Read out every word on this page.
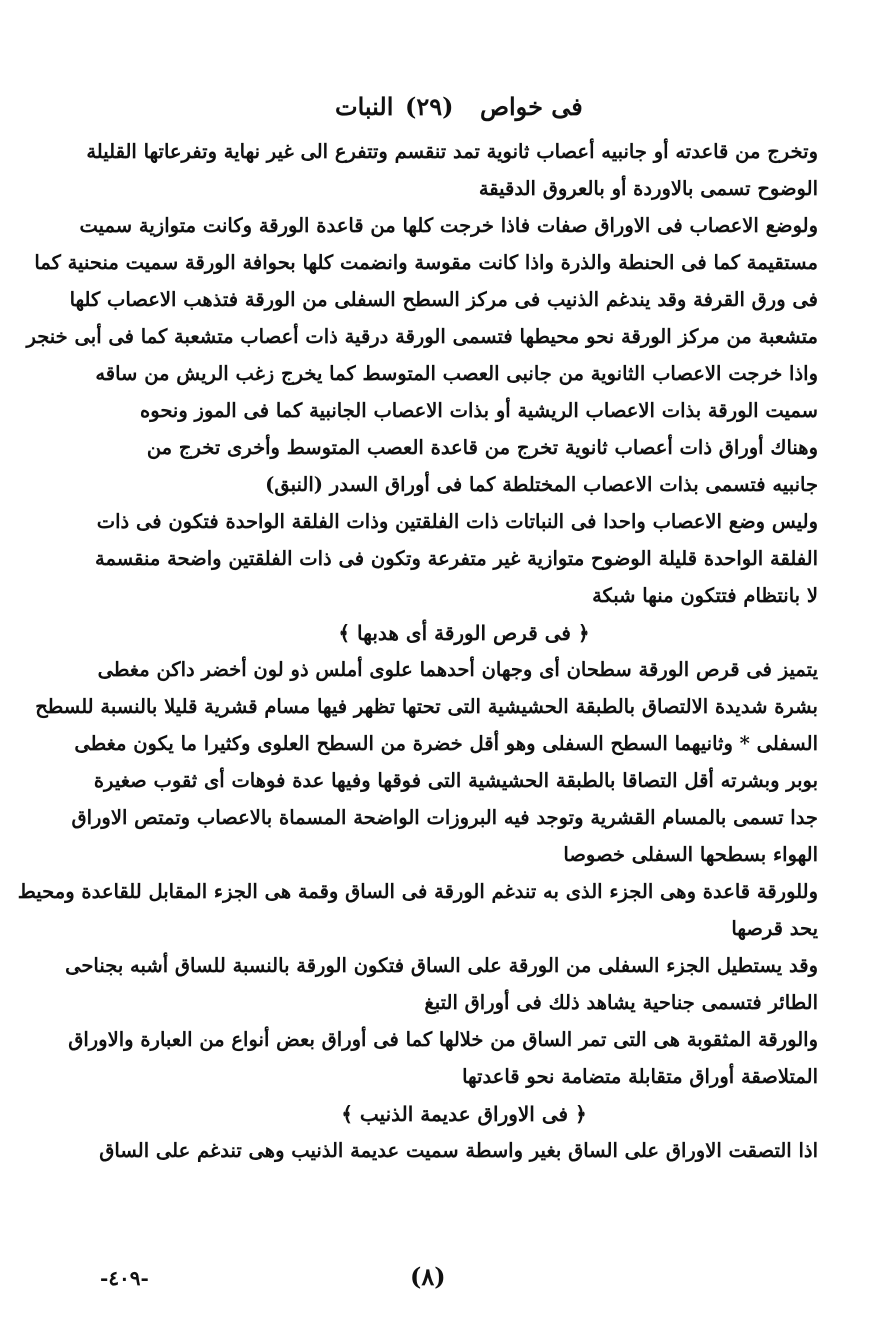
النبات (٢٩) فى خواص
وتخرج من قاعدته أو جانبيه أعصاب ثانوية تمد تنقسم وتتفرع الى غير نهاية وتفرعاتها القليلة
الوضوح تسمى بالاوردة أو بالعروق الدقيقة
ولوضع الاعصاب فى الاوراق صفات فاذا خرجت كلها من قاعدة الورقة وكانت متوازية سميت
مستقيمة كما فى الحنطة والذرة واذا كانت مقوسة وانضمت كلها بحوافة الورقة سميت منحنية كما
فى ورق القرفة وقد يندغم الذنيب فى مركز السطح السفلى من الورقة فتذهب الاعصاب كلها
متشعبة من مركز الورقة نحو محيطها فتسمى الورقة درقية ذات أعصاب متشعبة كما فى أبى خنجر
واذا خرجت الاعصاب الثانوية من جانبى العصب المتوسط كما يخرج زغب الريش من ساقه
سميت الورقة بذات الاعصاب الريشية أو بذات الاعصاب الجانبية كما فى الموز ونحوه
وهناك أوراق ذات أعصاب ثانوية تخرج من قاعدة العصب المتوسط وأخرى تخرج من
جانبيه فتسمى بذات الاعصاب المختلطة كما فى أوراق السدر (النبق)
وليس وضع الاعصاب واحدا فى النباتات ذات الفلقتين وذات الفلقة الواحدة فتكون فى ذات
الفلقة الواحدة قليلة الوضوح متوازية غير متفرعة وتكون فى ذات الفلقتين واضحة منقسمة
لا بانتظام فتتكون منها شبكة
﴿ فى قرص الورقة أى هدبها ﴾
يتميز فى قرص الورقة سطحان أى وجهان أحدهما علوى أملس ذو لون أخضر داكن مغطى
بشرة شديدة الالتصاق بالطبقة الحشيشية التى تحتها تظهر فيها مسام قشرية قليلا بالنسبة للسطح
السفلى * وثانيهما السطح السفلى وهو أقل خضرة من السطح العلوى وكثيرا ما يكون مغطى
بوبر وبشرته أقل التصاقا بالطبقة الحشيشية التى فوقها وفيها عدة فوهات أى ثقوب صغيرة
جدا تسمى بالمسام القشرية وتوجد فيه البروزات الواضحة المسماة بالاعصاب وتمتص الاوراق
الهواء بسطحها السفلى خصوصا
وللورقة قاعدة وهى الجزء الذى به تندغم الورقة فى الساق وقمة هى الجزء المقابل للقاعدة ومحيط
يحد قرصها
وقد يستطيل الجزء السفلى من الورقة على الساق فتكون الورقة بالنسبة للساق أشبه بجناحى
الطائر فتسمى جناحية يشاهد ذلك فى أوراق التبغ
والورقة المثقوبة هى التى تمر الساق من خلالها كما فى أوراق بعض أنواع من العبارة والاوراق
المتلاصقة أوراق متقابلة متضامة نحو قاعدتها
﴿ فى الاوراق عديمة الذنيب ﴾
اذا التصقت الاوراق على الساق بغير واسطة سميت عديمة الذنيب وهى تندغم على الساق
-٤٠٩-	(٨)
